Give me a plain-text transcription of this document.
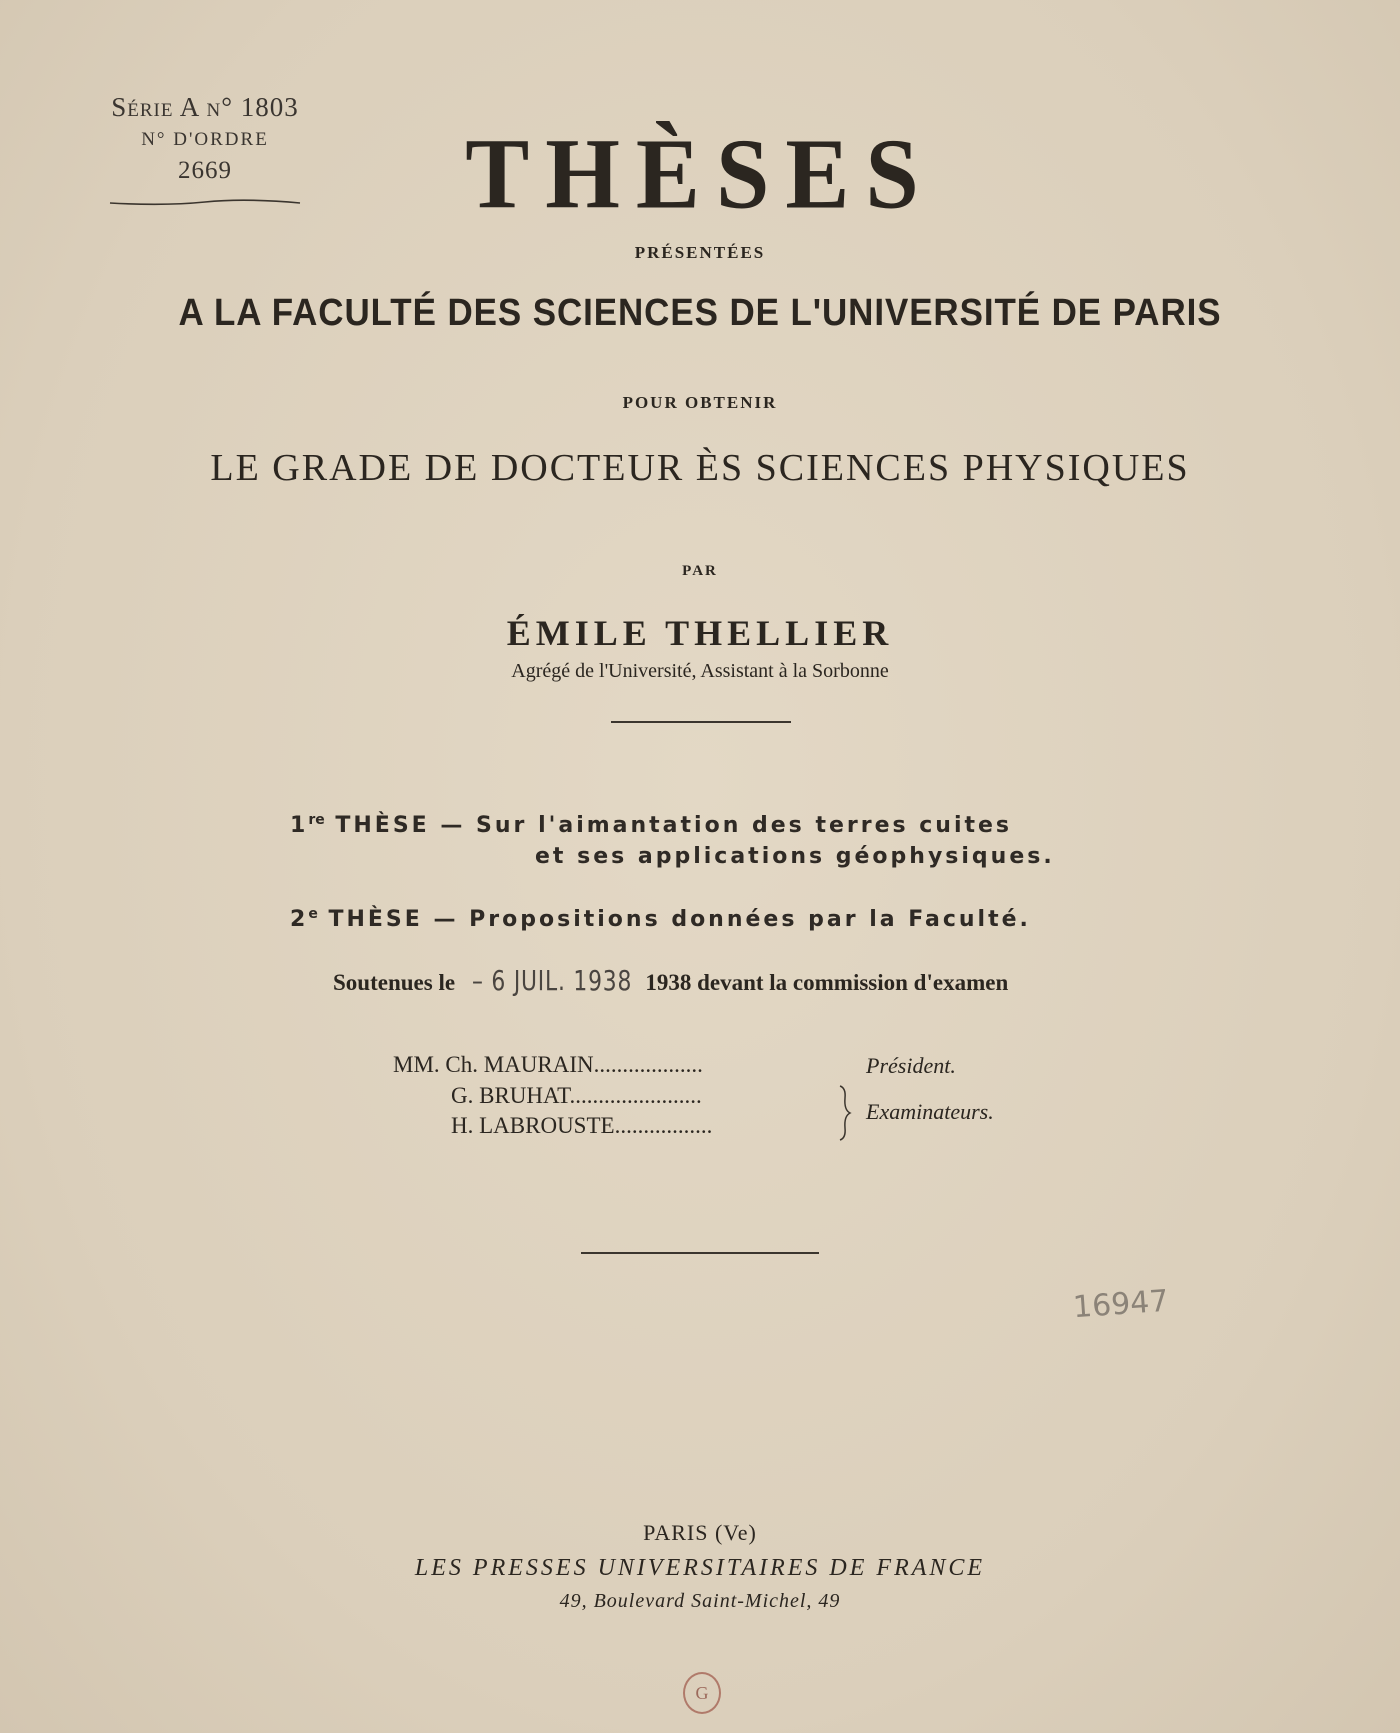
Série A n° 1803
N° D'ORDRE
2669	THÈSES
PRÉSENTÉES
A LA FACULTÉ DES SCIENCES DE L'UNIVERSITÉ DE PARIS
POUR OBTENIR
LE GRADE DE DOCTEUR ÈS SCIENCES PHYSIQUES
PAR
ÉMILE THELLIER
Agrégé de l'Université, Assistant à la Sorbonne
1re THÈSE — Sur l'aimantation des terres cuites
et ses applications géophysiques.
2e THÈSE — Propositions données par la Faculté.
Soutenues le – 6 JUIL. 1938 1938 devant la commission d'examen
MM. Ch. MAURAIN...................
G. BRUHAT.......................
H. LABROUSTE.................
Président.
Examinateurs.
16947
PARIS (Ve)
LES PRESSES UNIVERSITAIRES DE FRANCE
49, Boulevard Saint-Michel, 49
G
